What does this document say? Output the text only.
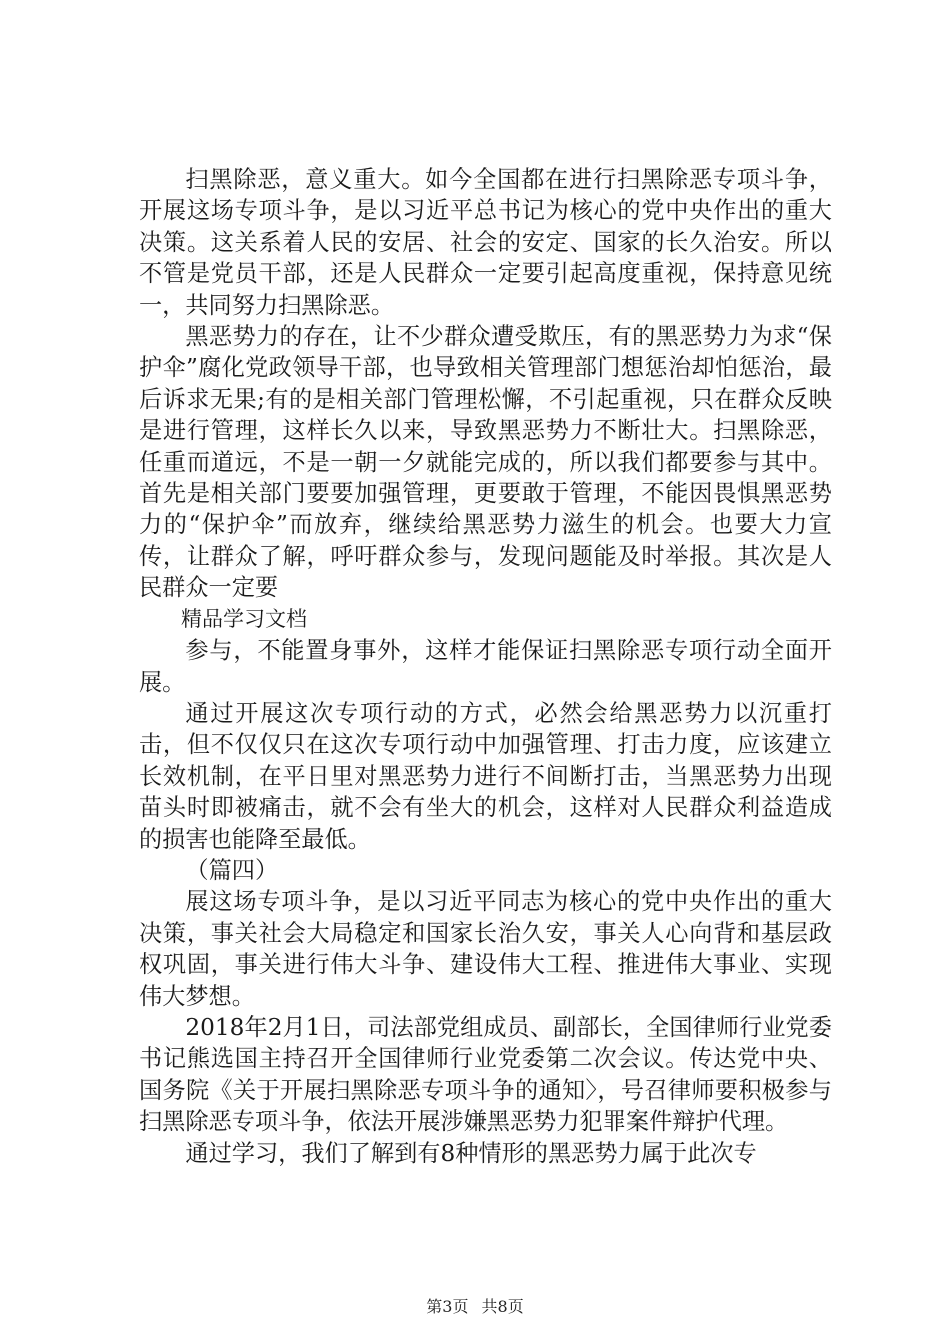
扫黑除恶，意义重大。如今全国都在进行扫黑除恶专项斗争，开展这场专项斗争，是以习近平总书记为核心的党中央作出的重大决策。这关系着人民的安居、社会的安定、国家的长久治安。所以不管是党员干部，还是人民群众一定要引起高度重视，保持意见统一，共同努力扫黑除恶。

黑恶势力的存在，让不少群众遭受欺压，有的黑恶势力为求“保护伞”腐化党政领导干部，也导致相关管理部门想惩治却怕惩治，最后诉求无果;有的是相关部门管理松懈，不引起重视，只在群众反映是进行管理，这样长久以来，导致黑恶势力不断壮大。扫黑除恶，任重而道远，不是一朝一夕就能完成的，所以我们都要参与其中。首先是相关部门要要加强管理，更要敢于管理，不能因畏惧黑恶势力的“保护伞”而放弃，继续给黑恶势力滋生的机会。也要大力宣传，让群众了解，呼吁群众参与，发现问题能及时举报。其次是人民群众一定要

精品学习文档

参与，不能置身事外，这样才能保证扫黑除恶专项行动全面开展。

通过开展这次专项行动的方式，必然会给黑恶势力以沉重打击，但不仅仅只在这次专项行动中加强管理、打击力度，应该建立长效机制，在平日里对黑恶势力进行不间断打击，当黑恶势力出现苗头时即被痛击，就不会有坐大的机会，这样对人民群众利益造成的损害也能降至最低。

（篇四）

展这场专项斗争，是以习近平同志为核心的党中央作出的重大决策，事关社会大局稳定和国家长治久安，事关人心向背和基层政权巩固，事关进行伟大斗争、建设伟大工程、推进伟大事业、实现伟大梦想。

2018年2月1日，司法部党组成员、副部长，全国律师行业党委书记熊选国主持召开全国律师行业党委第二次会议。传达党中央、国务院《关于开展扫黑除恶专项斗争的通知〉，号召律师要积极参与扫黑除恶专项斗争，依法开展涉嫌黑恶势力犯罪案件辩护代理。

通过学习，我们了解到有8种情形的黑恶势力属于此次专

第3页 共8页
